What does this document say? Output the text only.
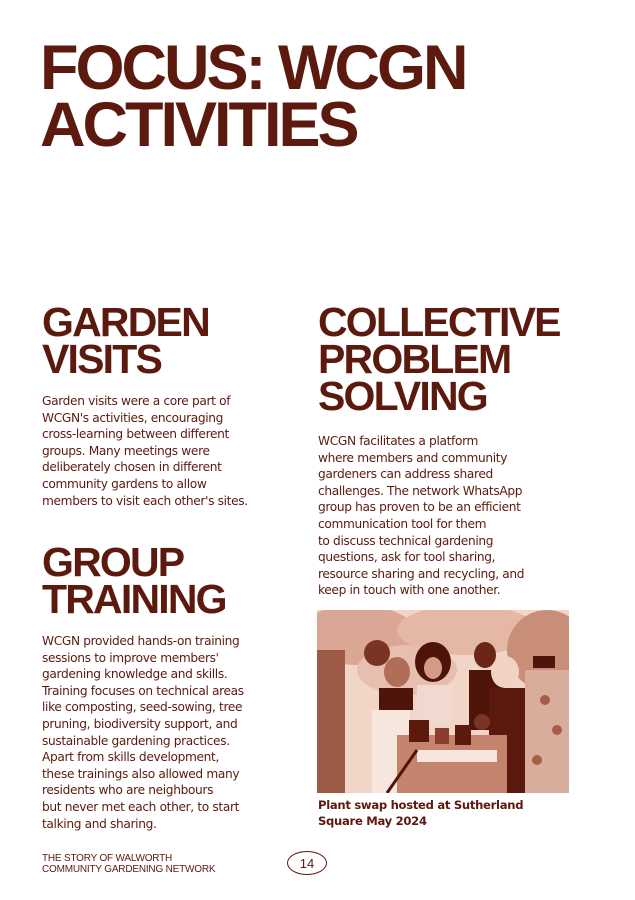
FOCUS: WCGN
ACTIVITIES
GARDEN
VISITS
Garden visits were a core part of
WCGN's activities, encouraging
cross-learning between different
groups. Many meetings were
deliberately chosen in different
community gardens to allow
members to visit each other's sites.
GROUP
TRAINING
WCGN provided hands-on training
sessions to improve members'
gardening knowledge and skills.
Training focuses on technical areas
like composting, seed-sowing, tree
pruning, biodiversity support, and
sustainable gardening practices.
Apart from skills development,
these trainings also allowed many
residents who are neighbours
but never met each other, to start
talking and sharing.
COLLECTIVE
PROBLEM
SOLVING
WCGN facilitates a platform
where members and community
gardeners can address shared
challenges. The network WhatsApp
group has proven to be an efficient
communication tool for them
to discuss technical gardening
questions, ask for tool sharing,
resource sharing and recycling, and
keep in touch with one another.
Plant swap hosted at Sutherland
Square May 2024
THE STORY OF WALWORTH
COMMUNITY GARDENING NETWORK	14
